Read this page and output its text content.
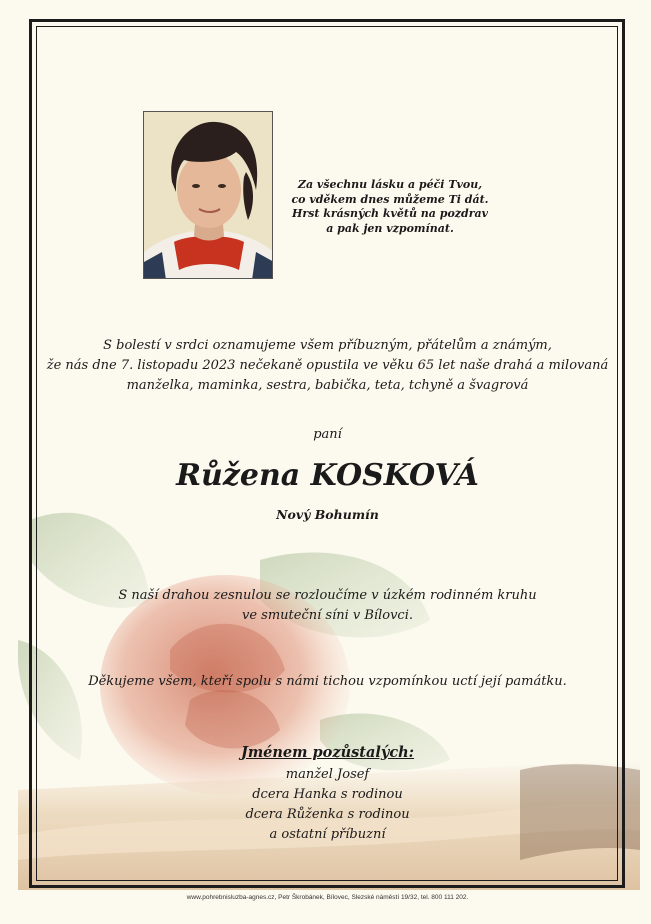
Za všechnu lásku a péči Tvou,
co vděkem dnes můžeme Ti dát.
Hrst krásných květů na pozdrav
a pak jen vzpomínat.
S bolestí v srdci oznamujeme všem příbuzným, přátelům a známým,
že nás dne 7. listopadu 2023 nečekaně opustila ve věku 65 let naše drahá a milovaná
manželka, maminka, sestra, babička, teta, tchyně a švagrová
paní
Růžena KOSKOVÁ
Nový Bohumín
S naší drahou zesnulou se rozloučíme v úzkém rodinném kruhu
ve smuteční síni v Bílovci.
Děkujeme všem, kteří spolu s námi tichou vzpomínkou uctí její památku.
Jménem pozůstalých:
manžel Josef
dcera Hanka s rodinou
dcera Růženka s rodinou
a ostatní příbuzní
www.pohrebnisluzba-agnes.cz, Petr Škrobánek, Bílovec, Slezské náměstí 19/32, tel. 800 111 202.
